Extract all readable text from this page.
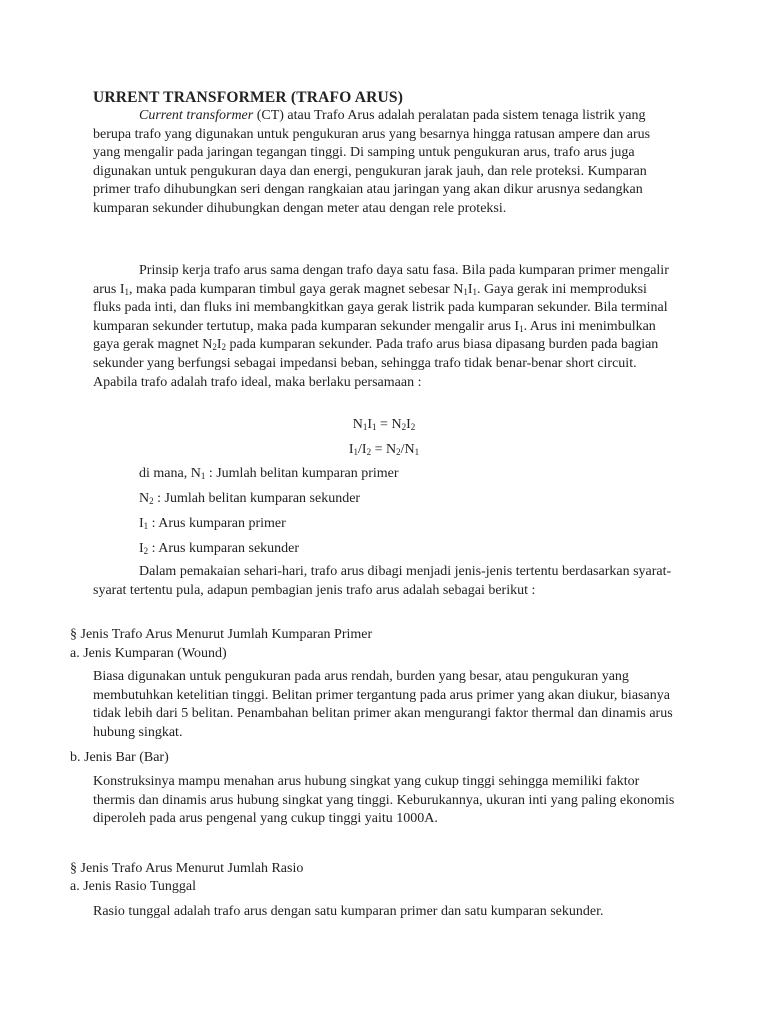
URRENT TRANSFORMER (TRAFO ARUS)

Current transformer (CT) atau Trafo Arus adalah peralatan pada sistem tenaga listrik yang berupa trafo yang digunakan untuk pengukuran arus yang besarnya hingga ratusan ampere dan arus yang mengalir pada jaringan tegangan tinggi. Di samping untuk pengukuran arus, trafo arus juga digunakan untuk pengukuran daya dan energi, pengukuran jarak jauh, dan rele proteksi. Kumparan primer trafo dihubungkan seri dengan rangkaian atau jaringan yang akan dikur arusnya sedangkan kumparan sekunder dihubungkan dengan meter atau dengan rele proteksi.

Prinsip kerja trafo arus sama dengan trafo daya satu fasa. Bila pada kumparan primer mengalir arus $I_1$, maka pada kumparan timbul gaya gerak magnet sebesar $N_1I_1$. Gaya gerak ini memproduksi fluks pada inti, dan fluks ini membangkitkan gaya gerak listrik pada kumparan sekunder. Bila terminal kumparan sekunder tertutup, maka pada kumparan sekunder mengalir arus $I_1$. Arus ini menimbulkan gaya gerak magnet $N_2I_2$ pada kumparan sekunder. Pada trafo arus biasa dipasang burden pada bagian sekunder yang berfungsi sebagai impedansi beban, sehingga trafo tidak benar-benar short circuit. Apabila trafo adalah trafo ideal, maka berlaku persamaan :

$N_1I_1 = N_2I_2$
$I_1/I_2 = N_2/N_1$
di mana, $N_1$ : Jumlah belitan kumparan primer
$N_2$ : Jumlah belitan kumparan sekunder
$I_1$ : Arus kumparan primer
$I_2$ : Arus kumparan sekunder

Dalam pemakaian sehari-hari, trafo arus dibagi menjadi jenis-jenis tertentu berdasarkan syarat-syarat tertentu pula, adapun pembagian jenis trafo arus adalah sebagai berikut :

§ Jenis Trafo Arus Menurut Jumlah Kumparan Primer
a. Jenis Kumparan (Wound)

Biasa digunakan untuk pengukuran pada arus rendah, burden yang besar, atau pengukuran yang membutuhkan ketelitian tinggi. Belitan primer tergantung pada arus primer yang akan diukur, biasanya tidak lebih dari 5 belitan. Penambahan belitan primer akan mengurangi faktor thermal dan dinamis arus hubung singkat.

b. Jenis Bar (Bar)

Konstruksinya mampu menahan arus hubung singkat yang cukup tinggi sehingga memiliki faktor thermis dan dinamis arus hubung singkat yang tinggi. Keburukannya, ukuran inti yang paling ekonomis diperoleh pada arus pengenal yang cukup tinggi yaitu 1000A.

§ Jenis Trafo Arus Menurut Jumlah Rasio
a. Jenis Rasio Tunggal

Rasio tunggal adalah trafo arus dengan satu kumparan primer dan satu kumparan sekunder.
